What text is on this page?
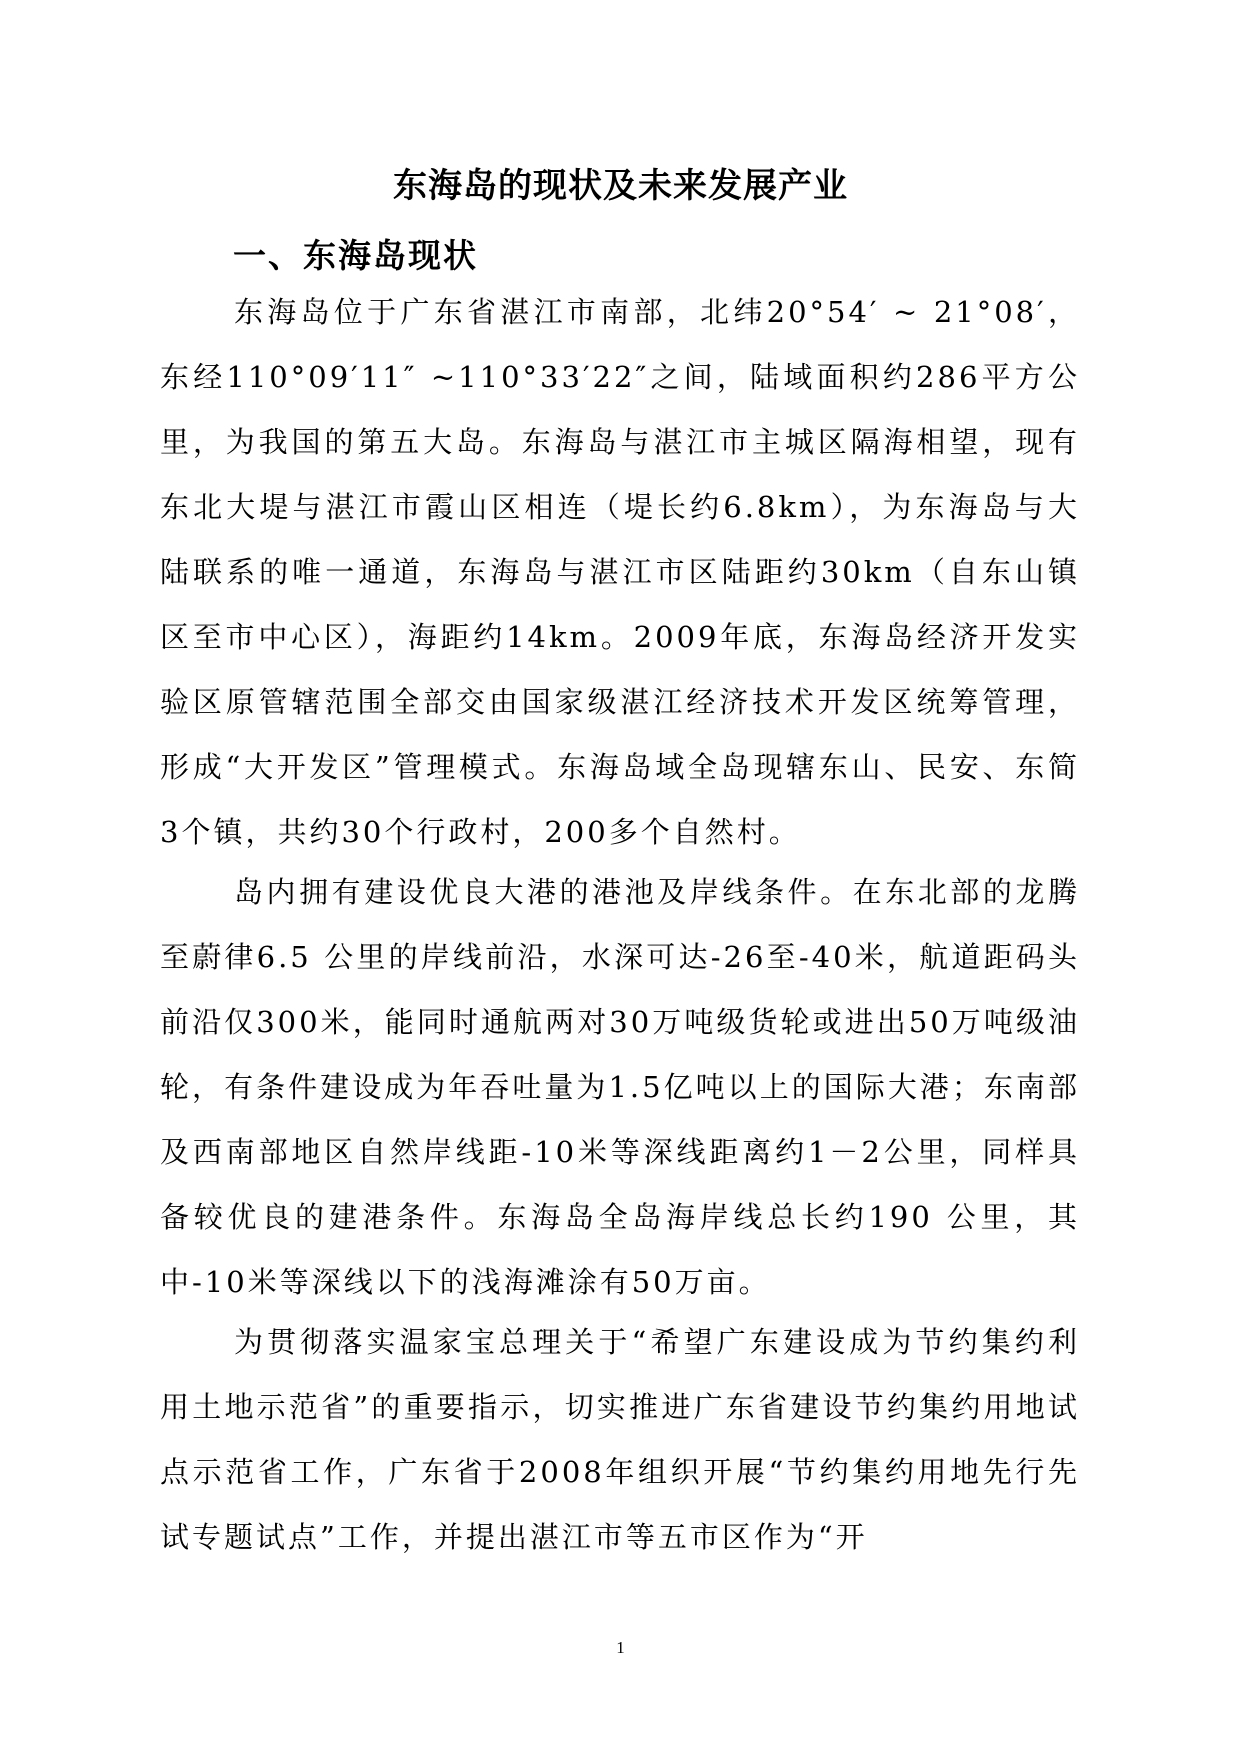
东海岛的现状及未来发展产业
一、东海岛现状

东海岛位于广东省湛江市南部，北纬20°54′ ~ 21°08′，东经110°09′11″ ~110°33′22″之间，陆域面积约286平方公里，为我国的第五大岛。东海岛与湛江市主城区隔海相望，现有东北大堤与湛江市霞山区相连（堤长约6.8km），为东海岛与大陆联系的唯一通道，东海岛与湛江市区陆距约30km（自东山镇区至市中心区），海距约14km。2009年底，东海岛经济开发实验区原管辖范围全部交由国家级湛江经济技术开发区统筹管理，形成“大开发区”管理模式。东海岛域全岛现辖东山、民安、东简3个镇，共约30个行政村，200多个自然村。

岛内拥有建设优良大港的港池及岸线条件。在东北部的龙腾至蔚律6.5 公里的岸线前沿，水深可达-26至-40米，航道距码头前沿仅300米，能同时通航两对30万吨级货轮或进出50万吨级油轮，有条件建设成为年吞吐量为1.5亿吨以上的国际大港；东南部及西南部地区自然岸线距-10米等深线距离约1－2公里，同样具备较优良的建港条件。东海岛全岛海岸线总长约190 公里，其中-10米等深线以下的浅海滩涂有50万亩。

为贯彻落实温家宝总理关于“希望广东建设成为节约集约利用土地示范省”的重要指示，切实推进广东省建设节约集约用地试点示范省工作，广东省于2008年组织开展“节约集约用地先行先试专题试点”工作，并提出湛江市等五市区作为“开

1
